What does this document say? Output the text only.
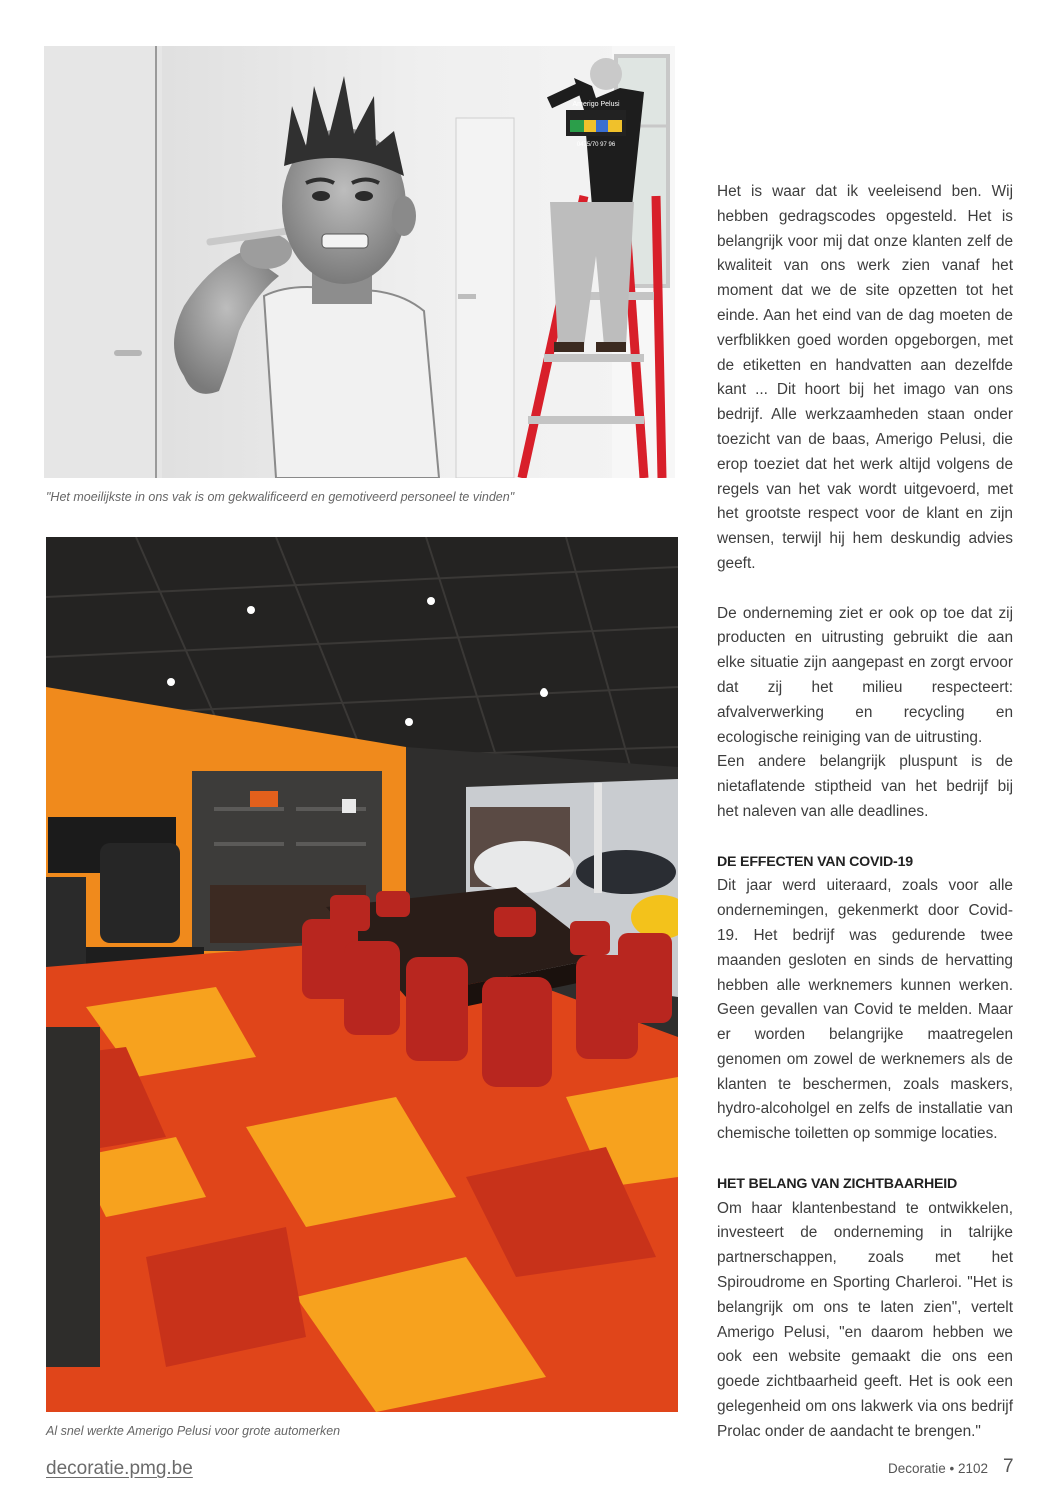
Amerigo Pelusi
0475/70 97 96
"Het moeilijkste in ons vak is om gekwalificeerd en gemotiveerd personeel te vinden"
Al snel werkte Amerigo Pelusi voor grote automerken

Het is waar dat ik veeleisend ben. Wij hebben gedragscodes opgesteld. Het is belangrijk voor mij dat onze klanten zelf de kwaliteit van ons werk zien vanaf het moment dat we de site opzetten tot het einde. Aan het eind van de dag moeten de verfblikken goed worden opgeborgen, met de etiketten en handvatten aan dezelfde kant ... Dit hoort bij het imago van ons bedrijf. Alle werkzaamheden staan onder toezicht van de baas, Amerigo Pelusi, die erop toeziet dat het werk altijd volgens de regels van het vak wordt uitgevoerd, met het grootste respect voor de klant en zijn wensen, terwijl hij hem deskundig advies geeft.

De onderneming ziet er ook op toe dat zij producten en uitrusting gebruikt die aan elke situatie zijn aangepast en zorgt ervoor dat zij het milieu respecteert: afvalverwerking en recycling en ecologische reiniging van de uitrusting.

Een andere belangrijk pluspunt is de nietaflatende stiptheid van het bedrijf bij het naleven van alle deadlines.

DE EFFECTEN VAN COVID-19

Dit jaar werd uiteraard, zoals voor alle ondernemingen, gekenmerkt door Covid-19. Het bedrijf was gedurende twee maanden gesloten en sinds de hervatting hebben alle werknemers kunnen werken. Geen gevallen van Covid te melden. Maar er worden belangrijke maatregelen genomen om zowel de werknemers als de klanten te beschermen, zoals maskers, hydro-alcoholgel en zelfs de installatie van chemische toiletten op sommige locaties.

HET BELANG VAN ZICHTBAARHEID

Om haar klantenbestand te ontwikkelen, investeert de onderneming in talrijke partnerschappen, zoals met het Spiroudrome en Sporting Charleroi. "Het is belangrijk om ons te laten zien", vertelt Amerigo Pelusi, "en daarom hebben we ook een website gemaakt die ons een goede zichtbaarheid geeft. Het is ook een gelegenheid om ons lakwerk via ons bedrijf Prolac onder de aandacht te brengen."

decoratie.pmg.be	Decoratie • 2102 7
